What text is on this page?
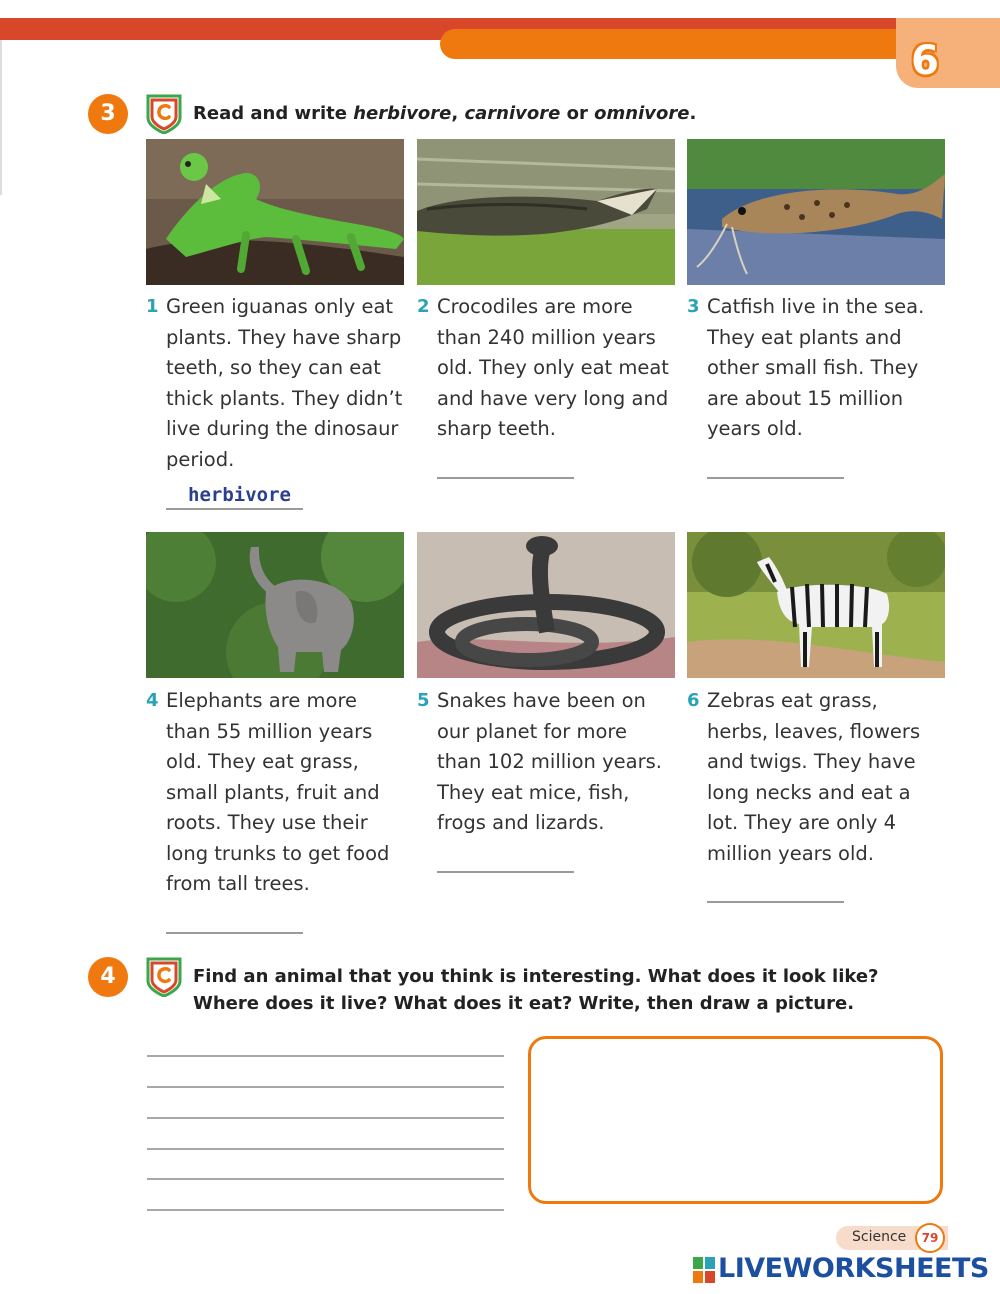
6
3	Read and write herbivore, carnivore or omnivore.
1 Green iguanas only eat plants. They have sharp teeth, so they can eat thick plants. They didn’t live during the dinosaur period.
herbivore
2 Crocodiles are more than 240 million years old. They only eat meat and have very long and sharp teeth.
3 Catfish live in the sea. They eat plants and other small fish. They are about 15 million years old.
4 Elephants are more than 55 million years old. They eat grass, small plants, fruit and roots. They use their long trunks to get food from tall trees.
5 Snakes have been on our planet for more than 102 million years. They eat mice, fish, frogs and lizards.
6 Zebras eat grass, herbs, leaves, flowers and twigs. They have long necks and eat a lot. They are only 4 million years old.
4	Find an animal that you think is interesting. What does it look like?
Where does it live? What does it eat? Write, then draw a picture.
Science	79
LIVEWORKSHEETS
